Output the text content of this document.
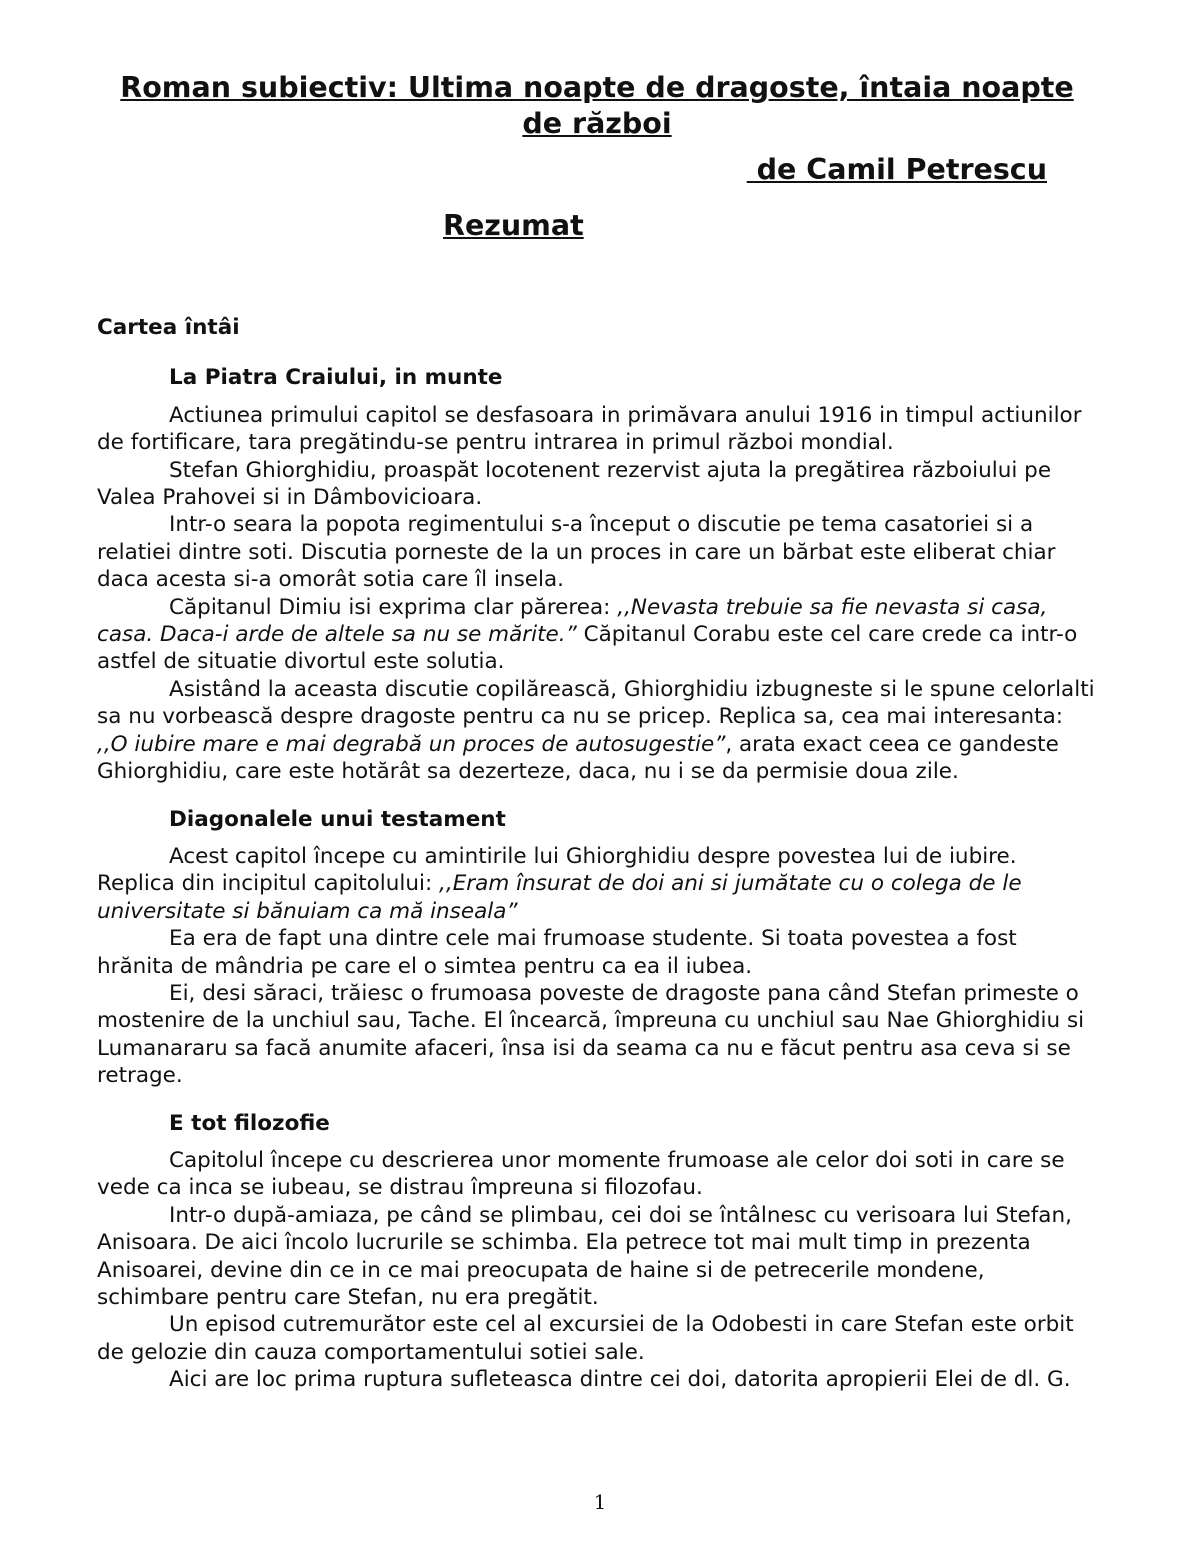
Roman subiectiv: Ultima noapte de dragoste, întaia noapte de război
de Camil Petrescu
Rezumat
Cartea întâi
La Piatra Craiului, in munte

Actiunea primului capitol se desfasoara in primăvara anului 1916 in timpul actiunilor de fortificare, tara pregătindu-se pentru intrarea in primul război mondial.

Stefan Ghiorghidiu, proaspăt locotenent rezervist ajuta la pregătirea războiului pe Valea Prahovei si in Dâmbovicioara.

Intr-o seara la popota regimentului s-a început o discutie pe tema casatoriei si a relatiei dintre soti. Discutia porneste de la un proces in care un bărbat este eliberat chiar daca acesta si-a omorât sotia care îl insela.

Căpitanul Dimiu isi exprima clar părerea: ,,Nevasta trebuie sa fie nevasta si casa, casa. Daca-i arde de altele sa nu se mărite.” Căpitanul Corabu este cel care crede ca intr-o astfel de situatie divortul este solutia.

Asistând la aceasta discutie copilărească, Ghiorghidiu izbugneste si le spune celorlalti sa nu vorbească despre dragoste pentru ca nu se pricep. Replica sa, cea mai interesanta: ,,O iubire mare e mai degrabă un proces de autosugestie”, arata exact ceea ce gandeste Ghiorghidiu, care este hotărât sa dezerteze, daca, nu i se da permisie doua zile.

Diagonalele unui testament

Acest capitol începe cu amintirile lui Ghiorghidiu despre povestea lui de iubire. Replica din incipitul capitolului: ,,Eram însurat de doi ani si jumătate cu o colega de le universitate si bănuiam ca mă inseala”

Ea era de fapt una dintre cele mai frumoase studente. Si toata povestea a fost hrănita de mândria pe care el o simtea pentru ca ea il iubea.

Ei, desi săraci, trăiesc o frumoasa poveste de dragoste pana când Stefan primeste o mostenire de la unchiul sau, Tache. El încearcă, împreuna cu unchiul sau Nae Ghiorghidiu si Lumanararu sa facă anumite afaceri, însa isi da seama ca nu e făcut pentru asa ceva si se retrage.

E tot filozofie

Capitolul începe cu descrierea unor momente frumoase ale celor doi soti in care se vede ca inca se iubeau, se distrau împreuna si filozofau.

Intr-o după-amiaza, pe când se plimbau, cei doi se întâlnesc cu verisoara lui Stefan, Anisoara. De aici încolo lucrurile se schimba. Ela petrece tot mai mult timp in prezenta Anisoarei, devine din ce in ce mai preocupata de haine si de petrecerile mondene, schimbare pentru care Stefan, nu era pregătit.

Un episod cutremurător este cel al excursiei de la Odobesti in care Stefan este orbit de gelozie din cauza comportamentului sotiei sale.

Aici are loc prima ruptura sufleteasca dintre cei doi, datorita apropierii Elei de dl. G.

1
